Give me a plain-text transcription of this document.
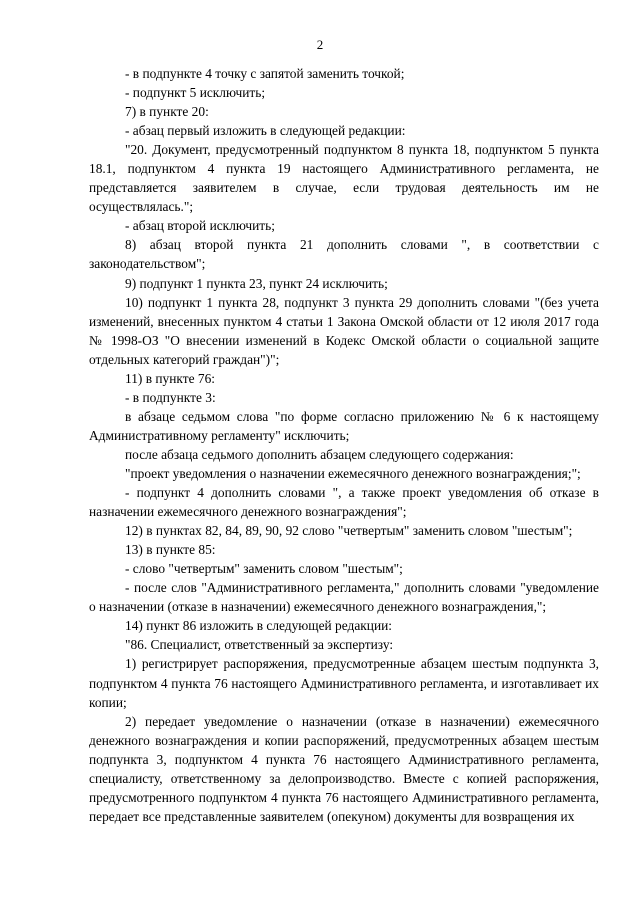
2

- в подпункте 4 точку с запятой заменить точкой;

- подпункт 5 исключить;

7) в пункте 20:

- абзац первый изложить в следующей редакции:

"20. Документ, предусмотренный подпунктом 8 пункта 18, подпунктом 5 пункта 18.1, подпунктом 4 пункта 19 настоящего Административного регламента, не представляется заявителем в случае, если трудовая деятельность им не осуществлялась.";

- абзац второй исключить;

8) абзац второй пункта 21 дополнить словами ", в соответствии с законодательством";

9) подпункт 1 пункта 23, пункт 24 исключить;

10) подпункт 1 пункта 28, подпункт 3 пункта 29 дополнить словами "(без учета изменений, внесенных пунктом 4 статьи 1 Закона Омской области от 12 июля 2017 года № 1998-ОЗ "О внесении изменений в Кодекс Омской области о социальной защите отдельных категорий граждан")";

11) в пункте 76:

- в подпункте 3:

в абзаце седьмом слова "по форме согласно приложению № 6 к настоящему Административному регламенту" исключить;

после абзаца седьмого дополнить абзацем следующего содержания:

"проект уведомления о назначении ежемесячного денежного вознаграждения;";

- подпункт 4 дополнить словами ", а также проект уведомления об отказе в назначении ежемесячного денежного вознаграждения";

12) в пунктах 82, 84, 89, 90, 92 слово "четвертым" заменить словом "шестым";

13) в пункте 85:

- слово "четвертым" заменить словом "шестым";

- после слов "Административного регламента," дополнить словами "уведомление о назначении (отказе в назначении) ежемесячного денежного вознаграждения,";

14) пункт 86 изложить в следующей редакции:

"86. Специалист, ответственный за экспертизу:

1) регистрирует распоряжения, предусмотренные абзацем шестым подпункта 3, подпунктом 4 пункта 76 настоящего Административного регламента, и изготавливает их копии;

2) передает уведомление о назначении (отказе в назначении) ежемесячного денежного вознаграждения и копии распоряжений, предусмотренных абзацем шестым подпункта 3, подпунктом 4 пункта 76 настоящего Административного регламента, специалисту, ответственному за делопроизводство. Вместе с копией распоряжения, предусмотренного подпунктом 4 пункта 76 настоящего Административного регламента, передает все представленные заявителем (опекуном) документы для возвращения их
